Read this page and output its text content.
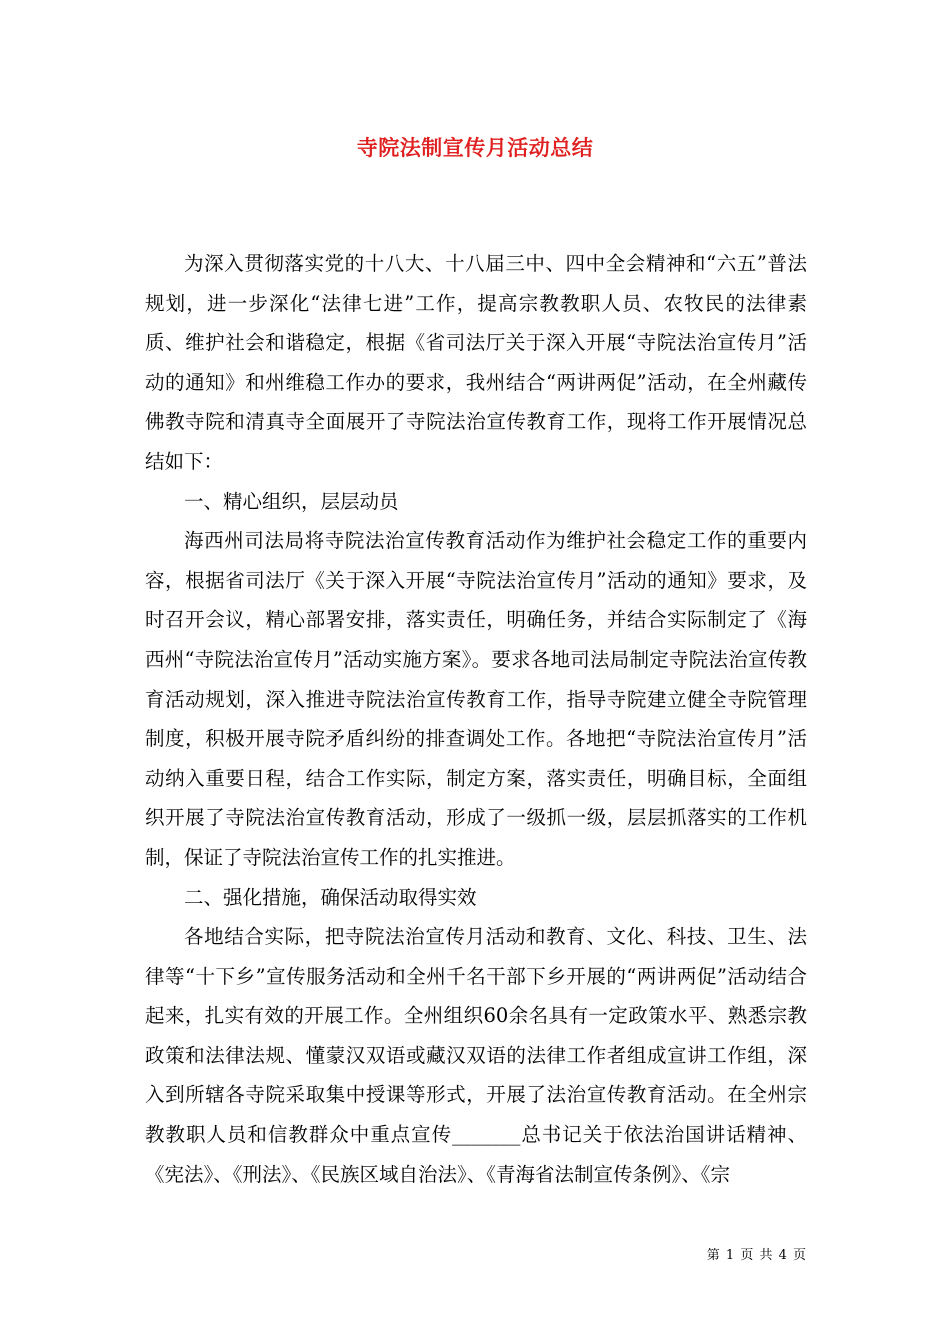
寺院法制宣传月活动总结

为深入贯彻落实党的十八大、十八届三中、四中全会精神和“六五”普法规划，进一步深化“法律七进”工作，提高宗教教职人员、农牧民的法律素质、维护社会和谐稳定，根据《省司法厅关于深入开展“寺院法治宣传月”活动的通知》和州维稳工作办的要求，我州结合“两讲两促”活动，在全州藏传佛教寺院和清真寺全面展开了寺院法治宣传教育工作，现将工作开展情况总结如下：

一、精心组织，层层动员

海西州司法局将寺院法治宣传教育活动作为维护社会稳定工作的重要内容，根据省司法厅《关于深入开展“寺院法治宣传月”活动的通知》要求，及时召开会议，精心部署安排，落实责任，明确任务，并结合实际制定了《海西州“寺院法治宣传月”活动实施方案》。要求各地司法局制定寺院法治宣传教育活动规划，深入推进寺院法治宣传教育工作，指导寺院建立健全寺院管理制度，积极开展寺院矛盾纠纷的排查调处工作。各地把“寺院法治宣传月”活动纳入重要日程，结合工作实际，制定方案，落实责任，明确目标，全面组织开展了寺院法治宣传教育活动，形成了一级抓一级，层层抓落实的工作机制，保证了寺院法治宣传工作的扎实推进。

二、强化措施，确保活动取得实效

各地结合实际，把寺院法治宣传月活动和教育、文化、科技、卫生、法律等“十下乡”宣传服务活动和全州千名干部下乡开展的“两讲两促”活动结合起来，扎实有效的开展工作。全州组织60余名具有一定政策水平、熟悉宗教政策和法律法规、懂蒙汉双语或藏汉双语的法律工作者组成宣讲工作组，深入到所辖各寺院采取集中授课等形式，开展了法治宣传教育活动。在全州宗教教职人员和信教群众中重点宣传_______总书记关于依法治国讲话精神、《宪法》、《刑法》、《民族区域自治法》、《青海省法制宣传条例》、《宗

第 1 页 共 4 页
